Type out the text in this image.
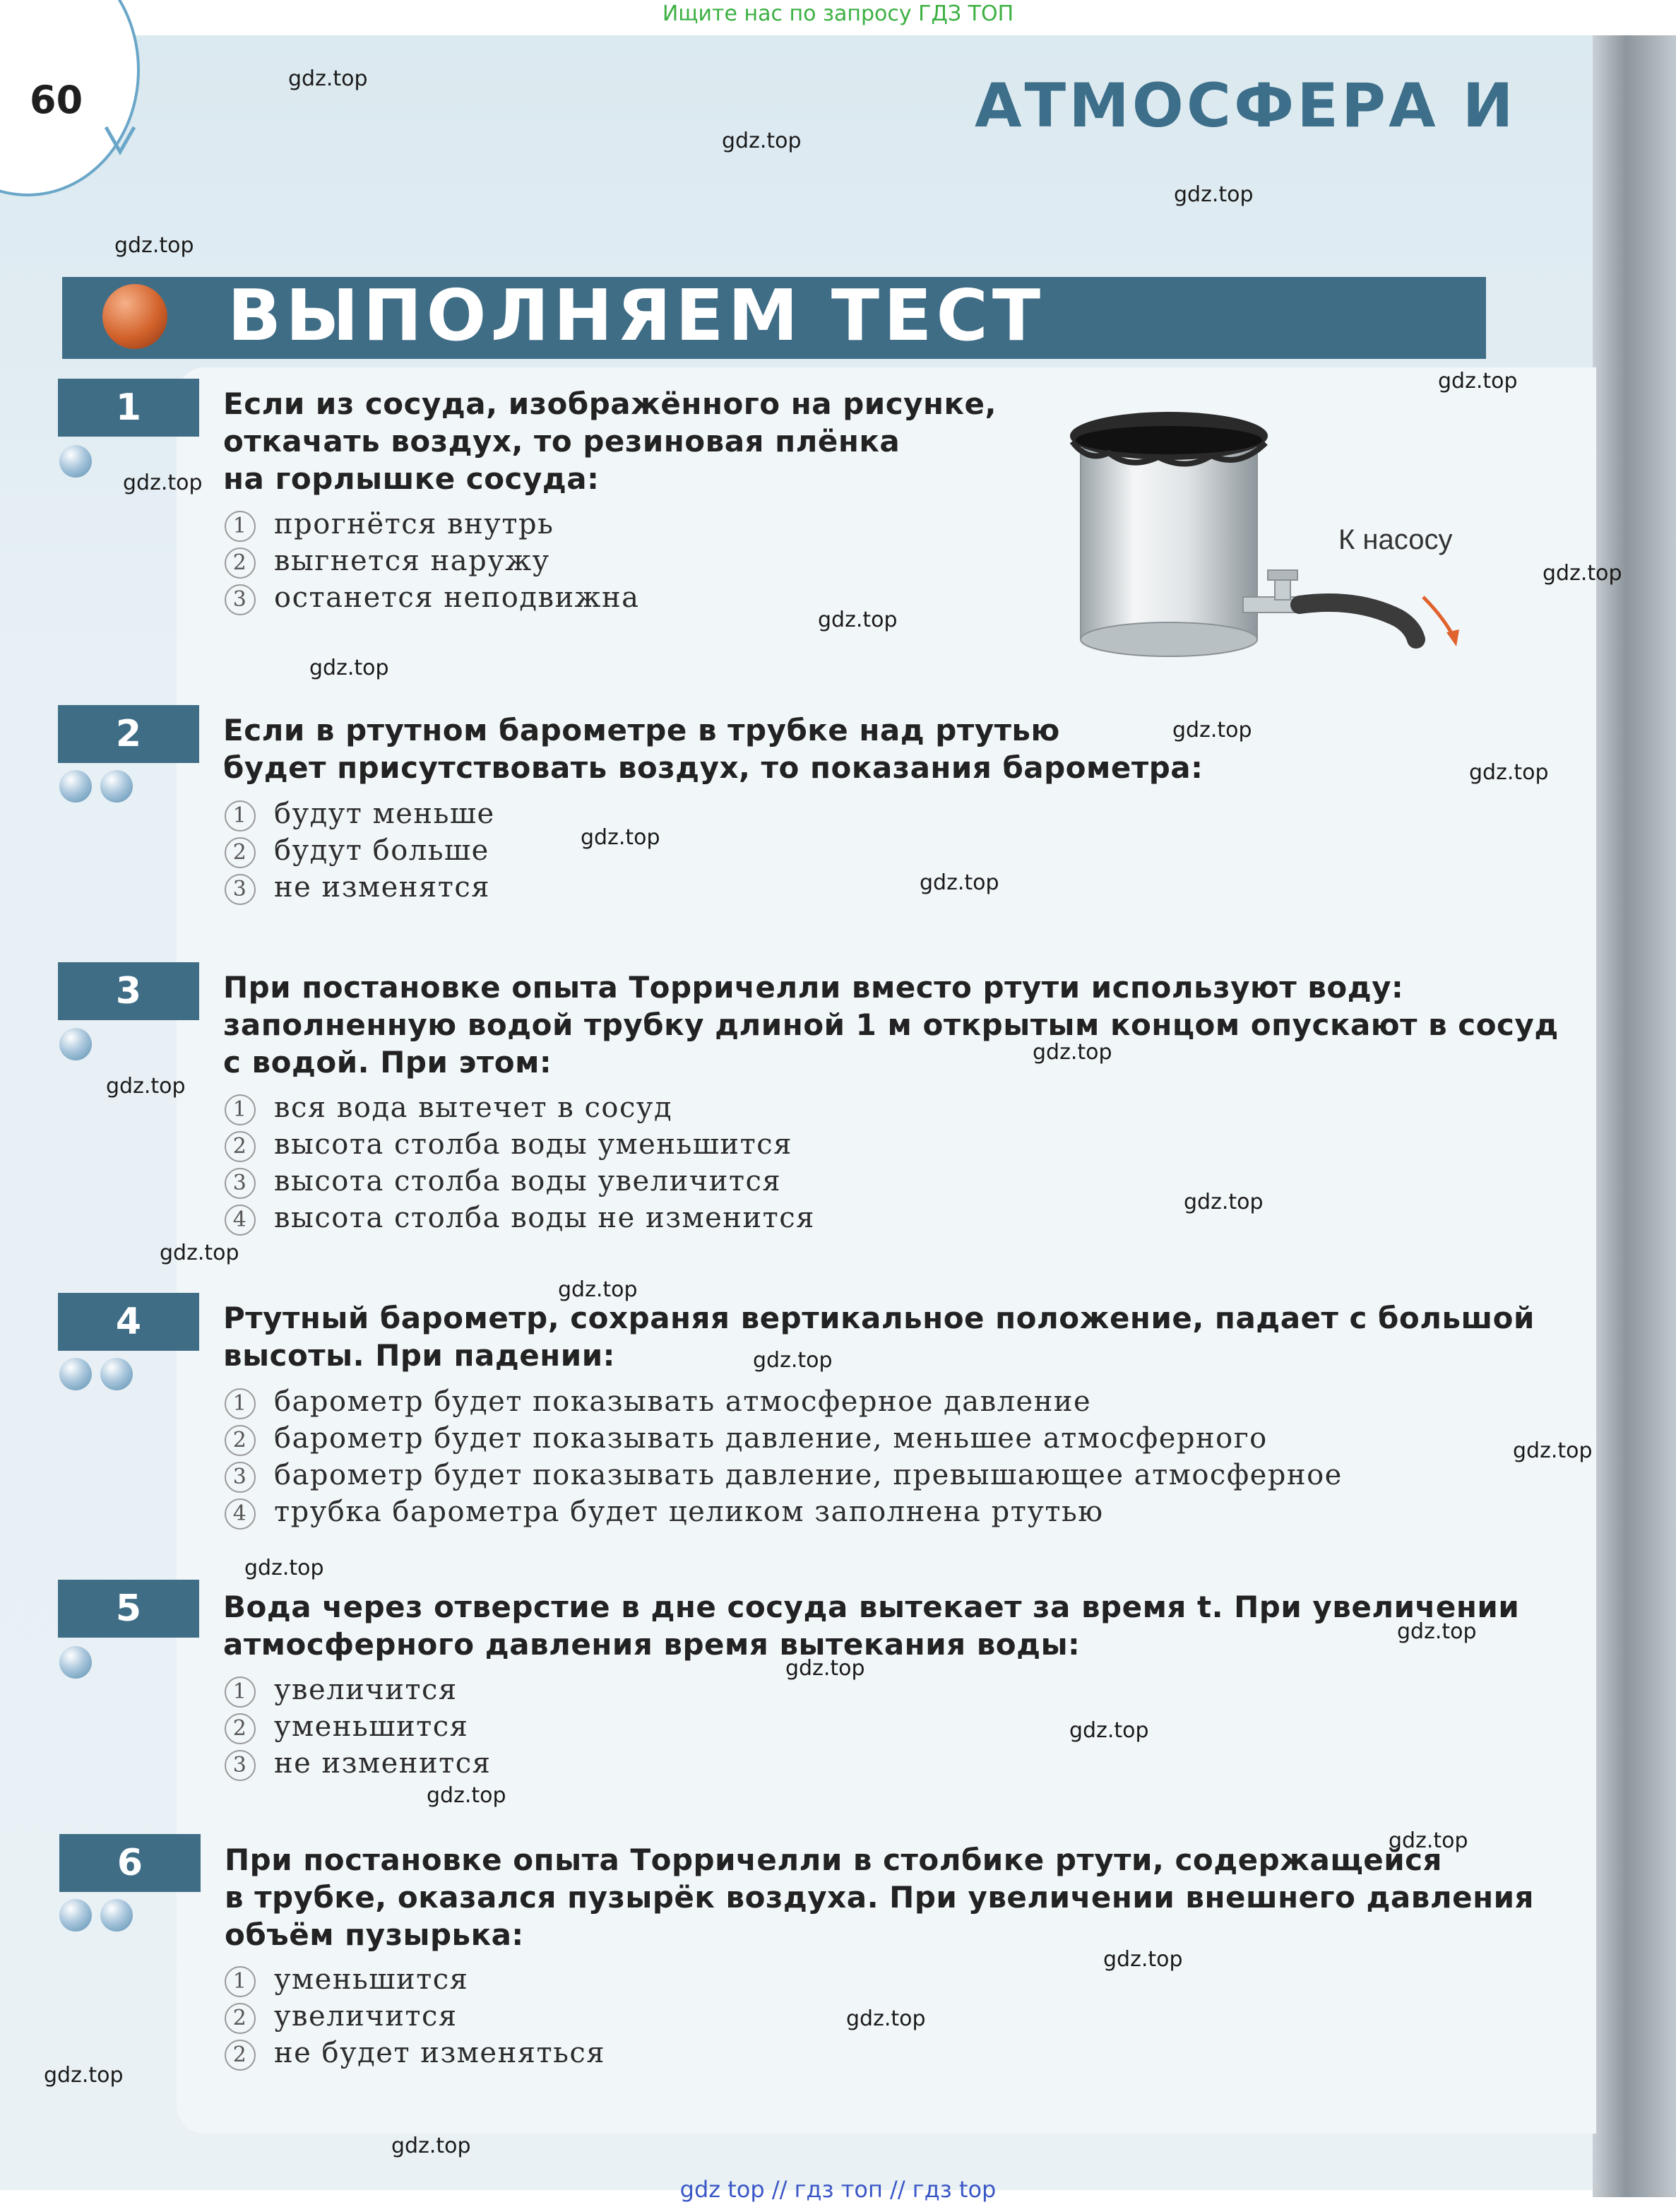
Ищите нас по запросу ГДЗ ТОП
60	АТМОСФЕРА И
ВЫПОЛНЯЕМ ТЕСТ
К насосу
1	Если из сосуда, изображённого на рисунке,
откачать воздух, то резиновая плёнка
на горлышке сосуда:
1 прогнётся внутрь
2 выгнется наружу
3 останется неподвижна
2	Если в ртутном барометре в трубке над ртутью
будет присутствовать воздух, то показания барометра:
1 будут меньше
2 будут больше
3 не изменятся
3	При постановке опыта Торричелли вместо ртути используют воду:
заполненную водой трубку длиной 1 м открытым концом опускают в сосуд
с водой. При этом:
1 вся вода вытечет в сосуд
2 высота столба воды уменьшится
3 высота столба воды увеличится
4 высота столба воды не изменится
4	Ртутный барометр, сохраняя вертикальное положение, падает с большой
высоты. При падении:
1 барометр будет показывать атмосферное давление
2 барометр будет показывать давление, меньшее атмосферного
3 барометр будет показывать давление, превышающее атмосферное
4 трубка барометра будет целиком заполнена ртутью
5	Вода через отверстие в дне сосуда вытекает за время t. При увеличении
атмосферного давления время вытекания воды:
1 увеличится
2 уменьшится
3 не изменится
6	При постановке опыта Торричелли в столбике ртути, содержащейся
в трубке, оказался пузырёк воздуха. При увеличении внешнего давления
объём пузырька:
1 уменьшится
2 увеличится
2 не будет изменяться
gdz.top
gdz.top
gdz.top
gdz.top
gdz.top
gdz.top
gdz.top
gdz.top
gdz.top
gdz.top
gdz.top
gdz.top
gdz.top
gdz.top
gdz.top
gdz.top
gdz.top
gdz.top
gdz.top
gdz.top
gdz.top
gdz.top
gdz.top
gdz.top
gdz.top
gdz.top
gdz.top
gdz.top
gdz.top
gdz.top
gdz top // гдз топ // гдз top
